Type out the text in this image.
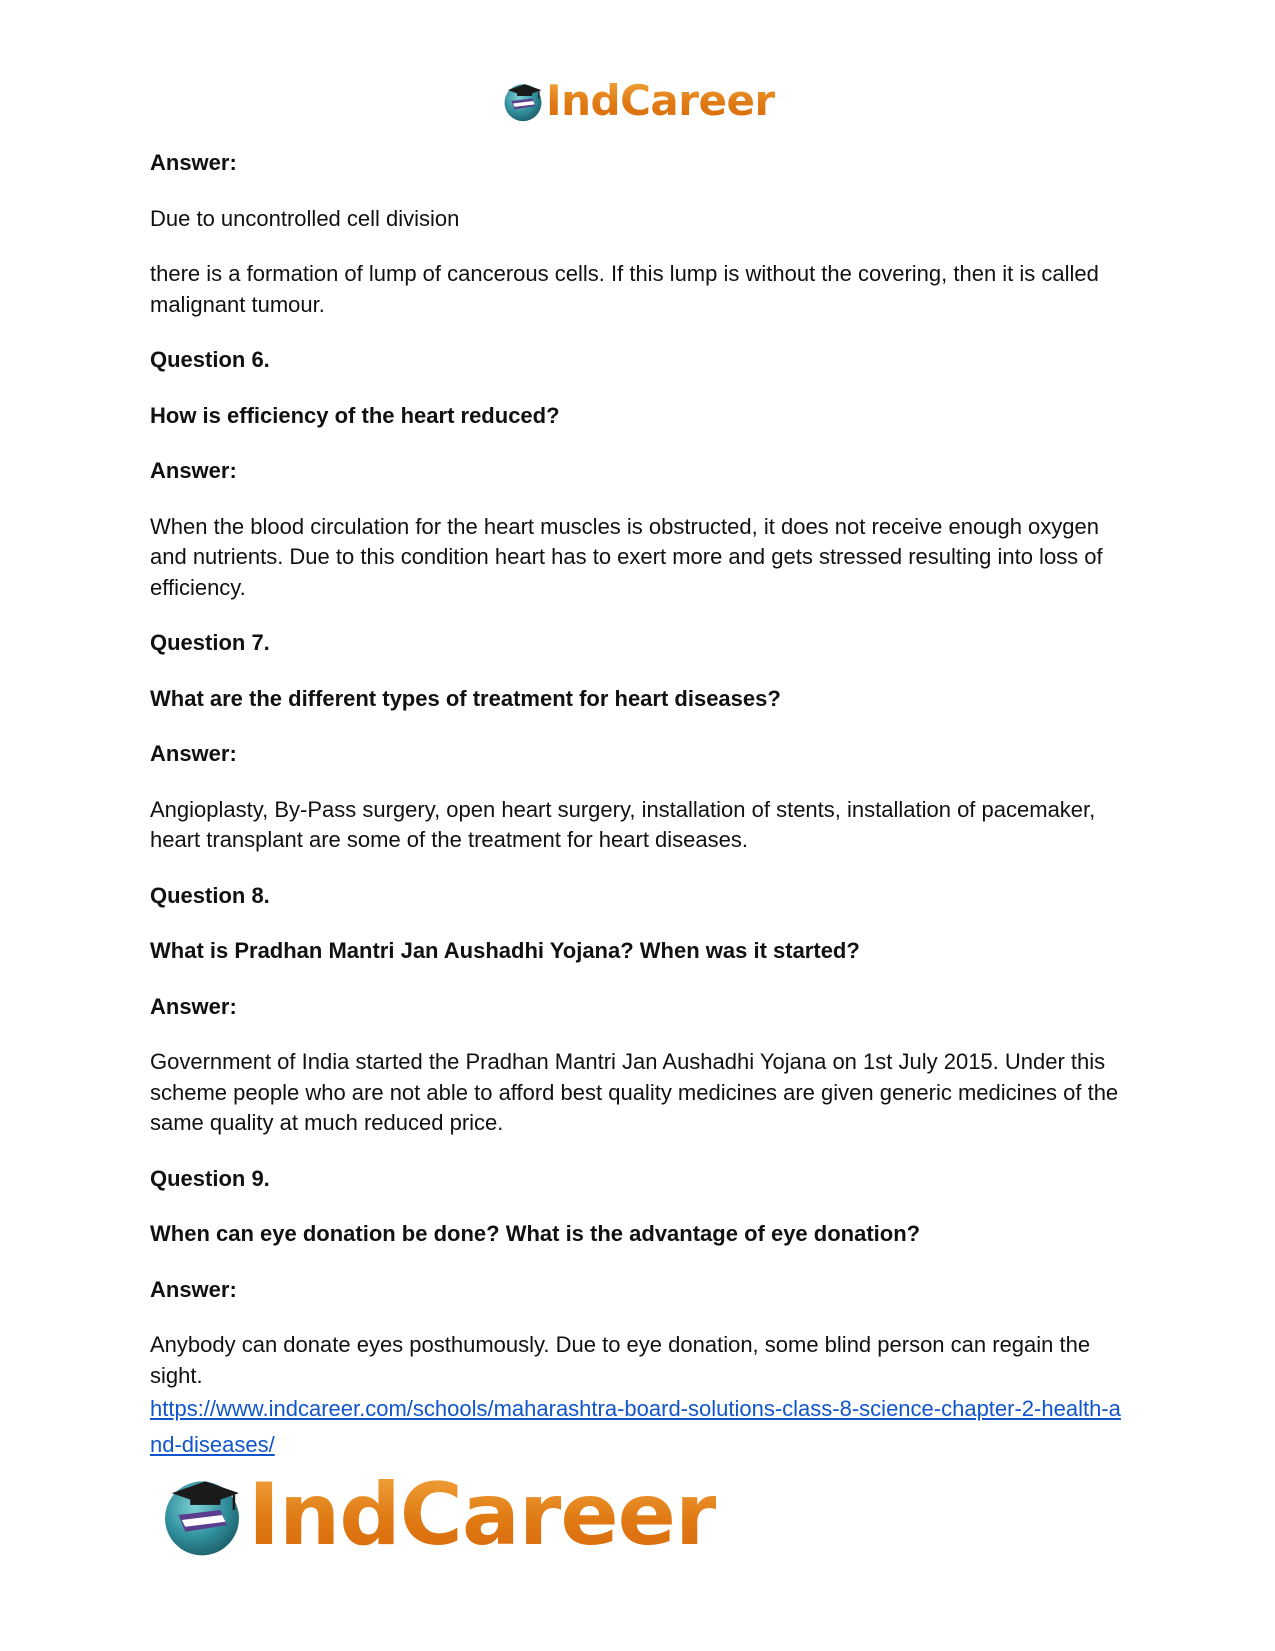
IndCareer

Answer:

Due to uncontrolled cell division

there is a formation of lump of cancerous cells. If this lump is without the covering, then it is called malignant tumour.

Question 6.

How is efficiency of the heart reduced?

Answer:

When the blood circulation for the heart muscles is obstructed, it does not receive enough oxygen and nutrients. Due to this condition heart has to exert more and gets stressed resulting into loss of efficiency.

Question 7.

What are the different types of treatment for heart diseases?

Answer:

Angioplasty, By-Pass surgery, open heart surgery, installation of stents, installation of pacemaker, heart transplant are some of the treatment for heart diseases.

Question 8.

What is Pradhan Mantri Jan Aushadhi Yojana? When was it started?

Answer:

Government of India started the Pradhan Mantri Jan Aushadhi Yojana on 1st July 2015. Under this scheme people who are not able to afford best quality medicines are given generic medicines of the same quality at much reduced price.

Question 9.

When can eye donation be done? What is the advantage of eye donation?

Answer:

Anybody can donate eyes posthumously. Due to eye donation, some blind person can regain the sight.

https://www.indcareer.com/schools/maharashtra-board-solutions-class-8-science-chapter-2-health-and-diseases/
IndCareer
